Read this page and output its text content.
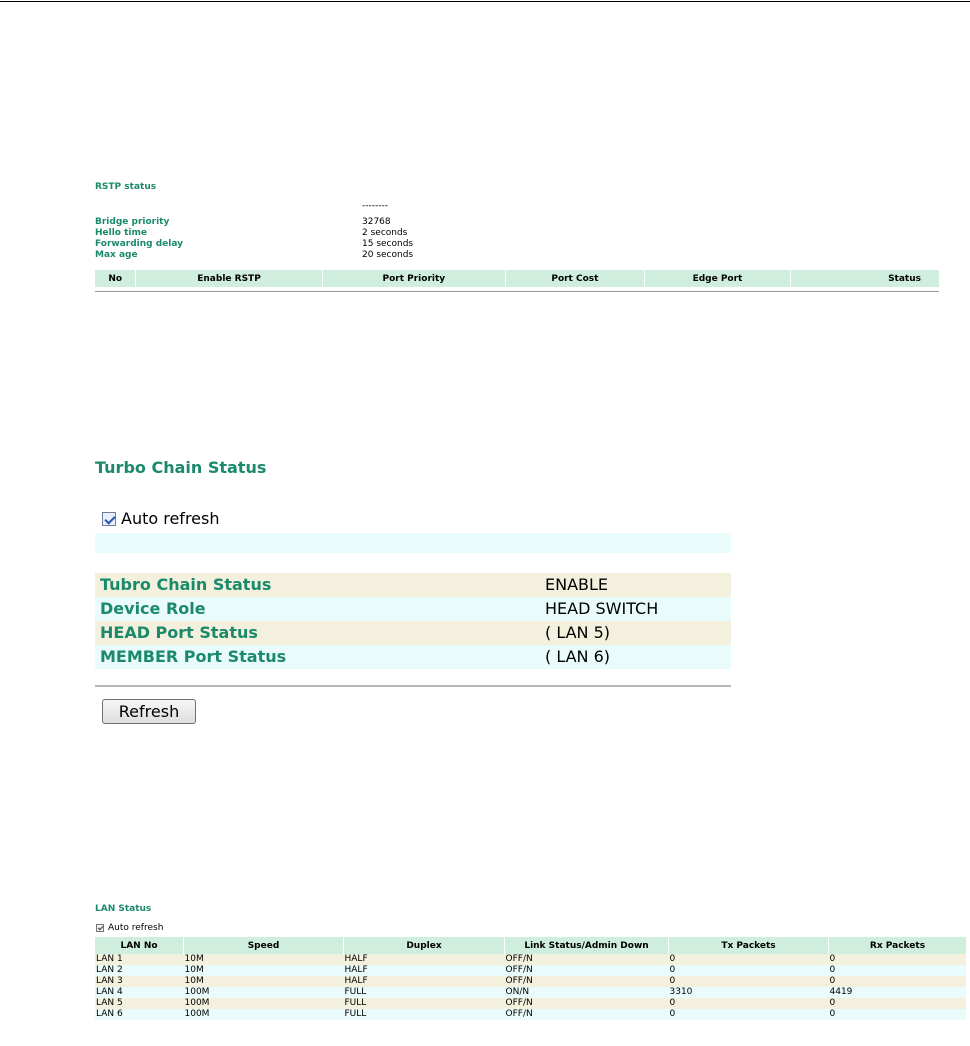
RSTP status
--------
Bridge priority	32768
Hello time	2 seconds
Forwarding delay	15 seconds
Max age	20 seconds
No	Enable RSTP	Port Priority	Port Cost	Edge Port	Status
Turbo Chain Status
Auto refresh
Tubro Chain Status	ENABLE
Device Role	HEAD SWITCH
HEAD Port Status	( LAN 5)
MEMBER Port Status	( LAN 6)
Refresh
LAN Status
Auto refresh
LAN No	Speed	Duplex	Link Status/Admin Down	Tx Packets	Rx Packets
LAN 1	10M	HALF	OFF/N	0	0
LAN 2	10M	HALF	OFF/N	0	0
LAN 3	10M	HALF	OFF/N	0	0
LAN 4	100M	FULL	ON/N	3310	4419
LAN 5	100M	FULL	OFF/N	0	0
LAN 6	100M	FULL	OFF/N	0	0
